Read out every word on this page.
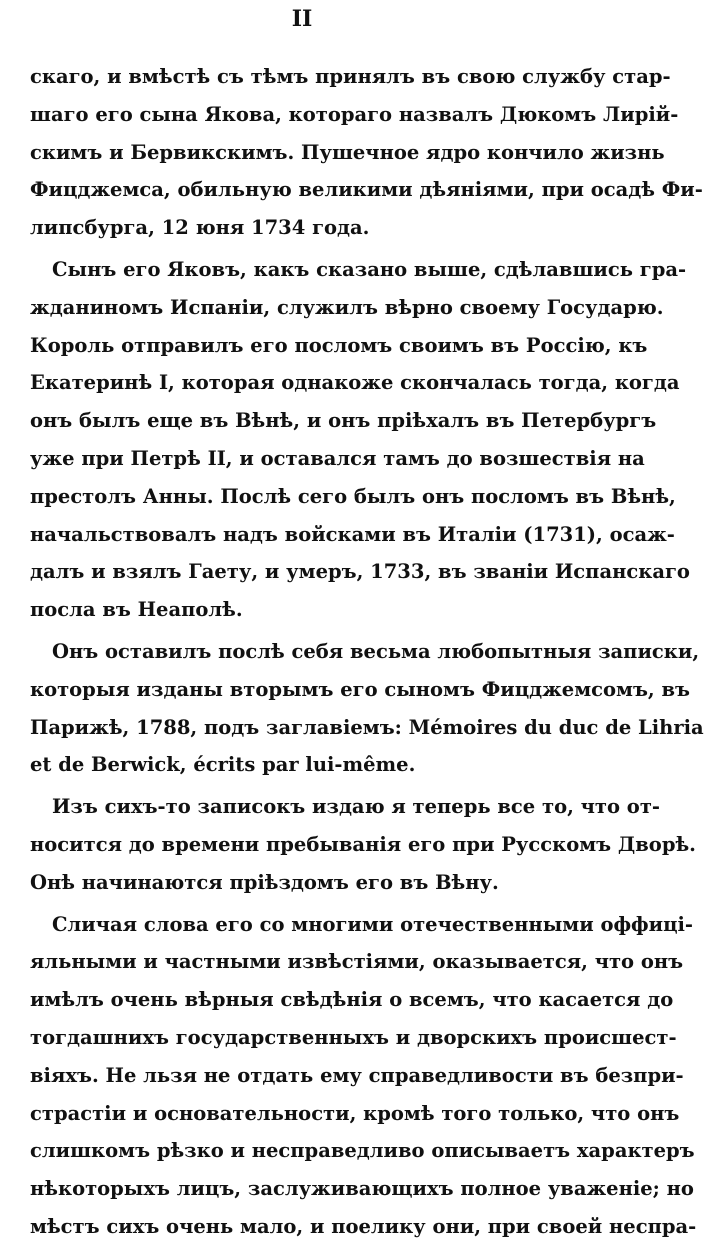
II
скаго, и вмѣстѣ съ тѣмъ принялъ въ свою службу стар-
шаго его сына Якова, котораго назвалъ Дюкомъ Лирій-
скимъ и Бервикскимъ. Пушечное ядро кончило жизнь
Фицджемса, обильную великими дѣяніями, при осадѣ Фи-
липсбурга, 12 юня 1734 года.
Сынъ его Яковъ, какъ сказано выше, сдѣлавшись гра-
жданиномъ Испаніи, служилъ вѣрно своему Государю.
Король отправилъ его посломъ своимъ въ Россію, къ
Екатеринѣ I, которая однакоже скончалась тогда, когда
онъ былъ еще въ Вѣнѣ, и онъ пріѣхалъ въ Петербургъ
уже при Петрѣ II, и оставался тамъ до возшествія на
престолъ Анны. Послѣ сего былъ онъ посломъ въ Вѣнѣ,
начальствовалъ надъ войсками въ Италіи (1731), осаж-
далъ и взялъ Гаету, и умеръ, 1733, въ званіи Испанскаго
посла въ Неаполѣ.
Онъ оставилъ послѣ себя весьма любопытныя записки,
которыя изданы вторымъ его сыномъ Фицджемсомъ, въ
Парижѣ, 1788, подъ заглавіемъ: Mémoires du duc de Lihria
et de Berwick, écrits par lui-même.
Изъ сихъ-то записокъ издаю я теперь все то, что от-
носится до времени пребыванія его при Русскомъ Дворѣ.
Онѣ начинаются пріѣздомъ его въ Вѣну.
Сличая слова его со многими отечественными оффиці-
яльными и частными извѣстіями, оказывается, что онъ
имѣлъ очень вѣрныя свѣдѣнія о всемъ, что касается до
тогдашнихъ государственныхъ и дворскихъ происшест-
віяхъ. Не льзя не отдать ему справедливости въ безпри-
страстіи и основательности, кромѣ того только, что онъ
слишкомъ рѣзко и несправедливо описываетъ характеръ
нѣкоторыхъ лицъ, заслуживающихъ полное уваженіе; но
мѣстъ сихъ очень мало, и поелику они, при своей неспра-
